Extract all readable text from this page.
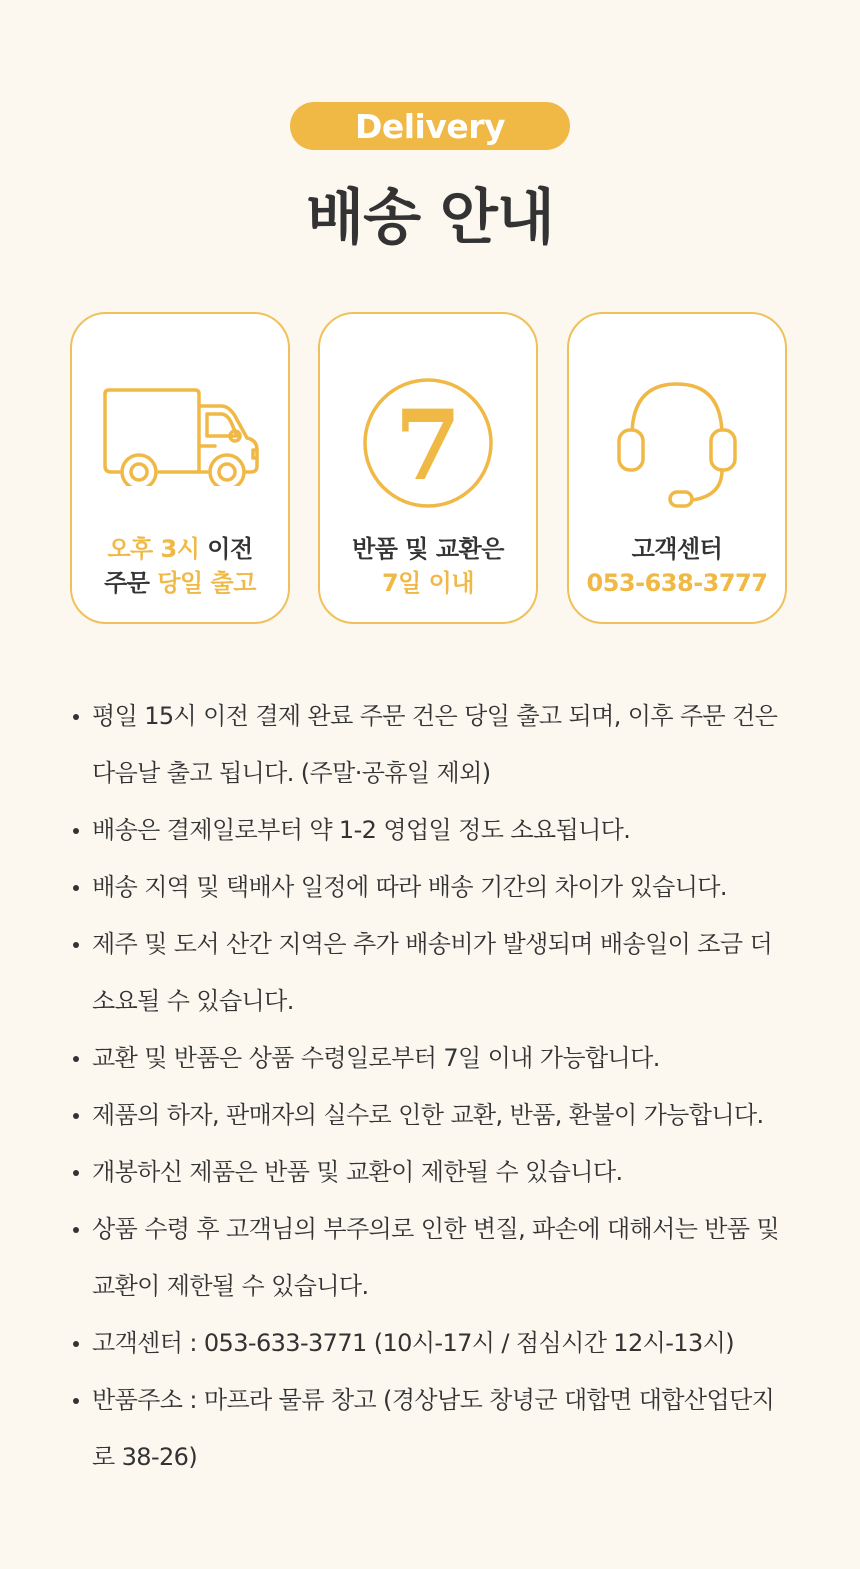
Delivery
배송 안내
오후 3시 이전
주문 당일 출고
7
반품 및 교환은
7일 이내
고객센터
053-638-3777
평일 15시 이전 결제 완료 주문 건은 당일 출고 되며, 이후 주문 건은
다음날 출고 됩니다. (주말·공휴일 제외)
배송은 결제일로부터 약 1-2 영업일 정도 소요됩니다.
배송 지역 및 택배사 일정에 따라 배송 기간의 차이가 있습니다.
제주 및 도서 산간 지역은 추가 배송비가 발생되며 배송일이 조금 더
소요될 수 있습니다.
교환 및 반품은 상품 수령일로부터 7일 이내 가능합니다.
제품의 하자, 판매자의 실수로 인한 교환, 반품, 환불이 가능합니다.
개봉하신 제품은 반품 및 교환이 제한될 수 있습니다.
상품 수령 후 고객님의 부주의로 인한 변질, 파손에 대해서는 반품 및
교환이 제한될 수 있습니다.
고객센터 : 053-633-3771 (10시-17시 / 점심시간 12시-13시)
반품주소 : 마프라 물류 창고 (경상남도 창녕군 대합면 대합산업단지
로 38-26)
